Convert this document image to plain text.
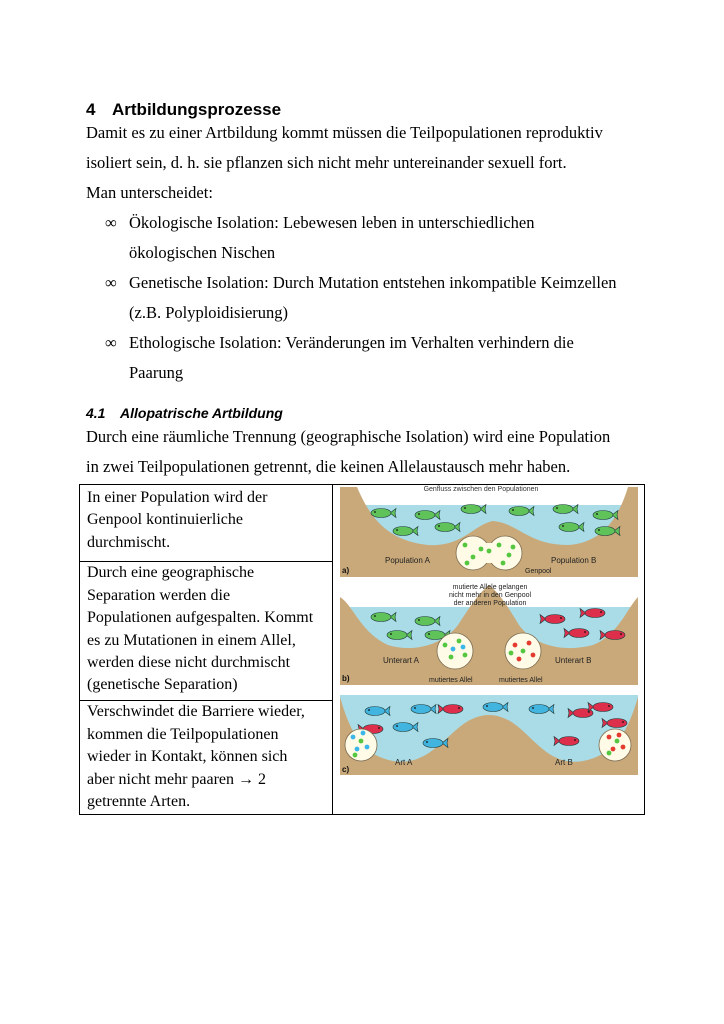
4 Artbildungsprozesse
Damit es zu einer Artbildung kommt müssen die Teilpopulationen reproduktiv
isoliert sein, d. h. sie pflanzen sich nicht mehr untereinander sexuell fort.
Man unterscheidet:
∞ Ökologische Isolation: Lebewesen leben in unterschiedlichen
ökologischen Nischen
∞ Genetische Isolation: Durch Mutation entstehen inkompatible Keimzellen
(z.B. Polyploidisierung)
∞ Ethologische Isolation: Veränderungen im Verhalten verhindern die
Paarung
4.1 Allopatrische Artbildung
Durch eine räumliche Trennung (geographische Isolation) wird eine Population
in zwei Teilpopulationen getrennt, die keinen Allelaustausch mehr haben.
In einer Population wird der
Genpool kontinuierliche
durchmischt.

Genfluss zwischen den Populationen
Population A	Population B
Genpool
a)
mutierte Allele gelangen
nicht mehr in den Genpool
der anderen Population
Unterart A	Unterart B
mutiertes Allel	mutiertes Allel
b)
Art A	Art B
c)

Durch eine geographische
Separation werden die
Populationen aufgespalten. Kommt
es zu Mutationen in einem Allel,
werden diese nicht durchmischt
(genetische Separation)

Verschwindet die Barriere wieder,
kommen die Teilpopulationen
wieder in Kontakt, können sich
aber nicht mehr paaren → 2
getrennte Arten.
